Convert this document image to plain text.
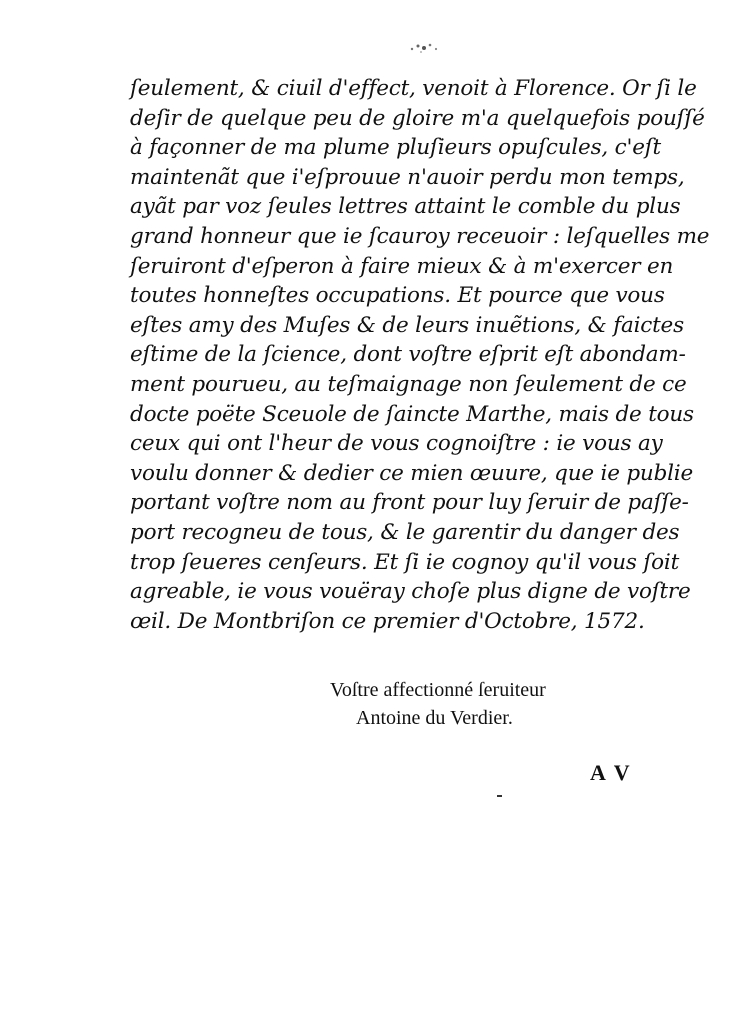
ſeulement, & ciuil d'effect, venoit à Florence. Or ſi le
deſir de quelque peu de gloire m'a quelquefois pouſſé
à façonner de ma plume pluſieurs opuſcules, c'eſt
maintenãt que i'eſprouue n'auoir perdu mon temps,
ayãt par voz ſeules lettres attaint le comble du plus
grand honneur que ie ſcauroy receuoir : leſquelles me
ſeruiront d'eſperon à faire mieux & à m'exercer en
toutes honneſtes occupations. Et pource que vous
eſtes amy des Muſes & de leurs inuẽtions, & faictes
eſtime de la ſcience, dont voſtre eſprit eſt abondam-
ment pourueu, au teſmaignage non ſeulement de ce
docte poëte Sceuole de ſaincte Marthe, mais de tous
ceux qui ont l'heur de vous cognoiſtre : ie vous ay
voulu donner & dedier ce mien œuure, que ie publie
portant voſtre nom au front pour luy ſeruir de paſſe-
port recogneu de tous, & le garentir du danger des
trop ſeueres cenſeurs. Et ſi ie cognoy qu'il vous ſoit
agreable, ie vous vouëray choſe plus digne de voſtre
œil. De Montbriſon ce premier d'Octobre, 1572.
Voſtre affectionné ſeruiteur
Antoine du Verdier.
A V
